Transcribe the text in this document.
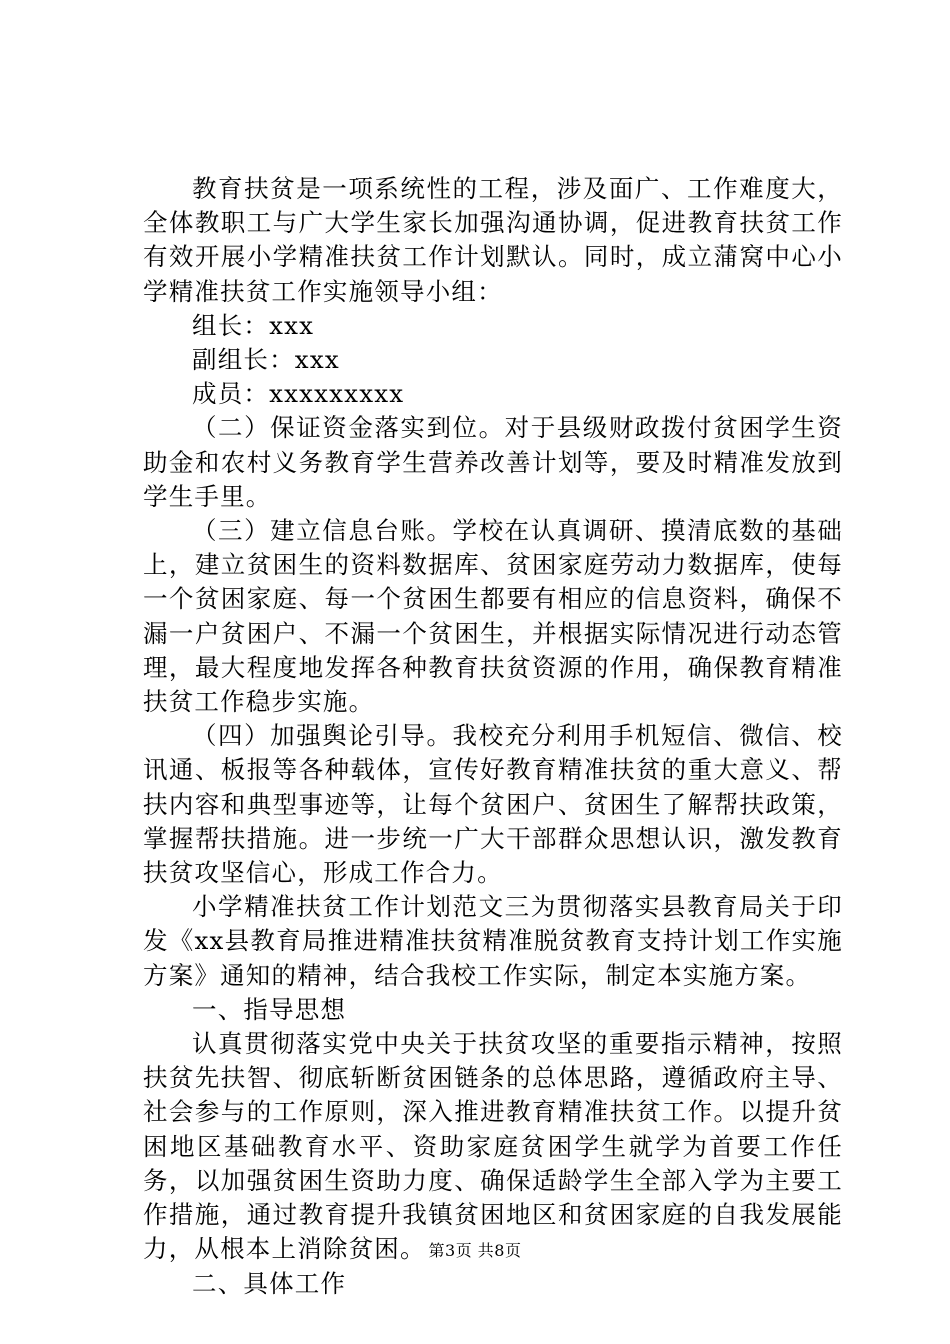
教育扶贫是一项系统性的工程，涉及面广、工作难度大，全体教职工与广大学生家长加强沟通协调，促进教育扶贫工作有效开展小学精准扶贫工作计划默认。同时，成立蒲窝中心小学精准扶贫工作实施领导小组：

组长：xxx

副组长：xxx

成员：xxxxxxxxx

（二）保证资金落实到位。对于县级财政拨付贫困学生资助金和农村义务教育学生营养改善计划等，要及时精准发放到学生手里。

（三）建立信息台账。学校在认真调研、摸清底数的基础上，建立贫困生的资料数据库、贫困家庭劳动力数据库，使每一个贫困家庭、每一个贫困生都要有相应的信息资料，确保不漏一户贫困户、不漏一个贫困生，并根据实际情况进行动态管理，最大程度地发挥各种教育扶贫资源的作用，确保教育精准扶贫工作稳步实施。

（四）加强舆论引导。我校充分利用手机短信、微信、校讯通、板报等各种载体，宣传好教育精准扶贫的重大意义、帮扶内容和典型事迹等，让每个贫困户、贫困生了解帮扶政策，掌握帮扶措施。进一步统一广大干部群众思想认识，激发教育扶贫攻坚信心，形成工作合力。

小学精准扶贫工作计划范文三为贯彻落实县教育局关于印发《xx县教育局推进精准扶贫精准脱贫教育支持计划工作实施方案》通知的精神，结合我校工作实际，制定本实施方案。

一、指导思想

认真贯彻落实党中央关于扶贫攻坚的重要指示精神，按照扶贫先扶智、彻底斩断贫困链条的总体思路，遵循政府主导、社会参与的工作原则，深入推进教育精准扶贫工作。以提升贫困地区基础教育水平、资助家庭贫困学生就学为首要工作任务，以加强贫困生资助力度、确保适龄学生全部入学为主要工作措施，通过教育提升我镇贫困地区和贫困家庭的自我发展能力，从根本上消除贫困。

二、具体工作

第3页 共8页
